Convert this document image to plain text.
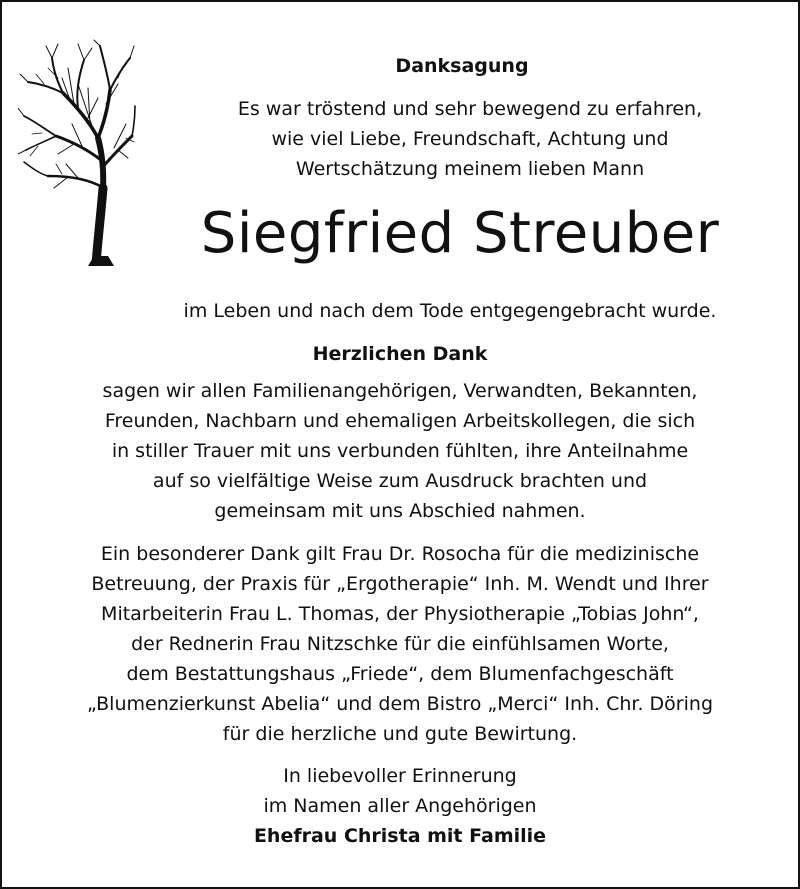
Danksagung
Es war tröstend und sehr bewegend zu erfahren,
wie viel Liebe, Freundschaft, Achtung und
Wertschätzung meinem lieben Mann
Siegfried Streuber
im Leben und nach dem Tode entgegengebracht wurde.
Herzlichen Dank
sagen wir allen Familienangehörigen, Verwandten, Bekannten,
Freunden, Nachbarn und ehemaligen Arbeitskollegen, die sich
in stiller Trauer mit uns verbunden fühlten, ihre Anteilnahme
auf so vielfältige Weise zum Ausdruck brachten und
gemeinsam mit uns Abschied nahmen.
Ein besonderer Dank gilt Frau Dr. Rosocha für die medizinische
Betreuung, der Praxis für „Ergotherapie“ Inh. M. Wendt und Ihrer
Mitarbeiterin Frau L. Thomas, der Physiotherapie „Tobias John“,
der Rednerin Frau Nitzschke für die einfühlsamen Worte,
dem Bestattungshaus „Friede“, dem Blumenfachgeschäft
„Blumenzierkunst Abelia“ und dem Bistro „Merci“ Inh. Chr. Döring
für die herzliche und gute Bewirtung.
In liebevoller Erinnerung
im Namen aller Angehörigen
Ehefrau Christa mit Familie
